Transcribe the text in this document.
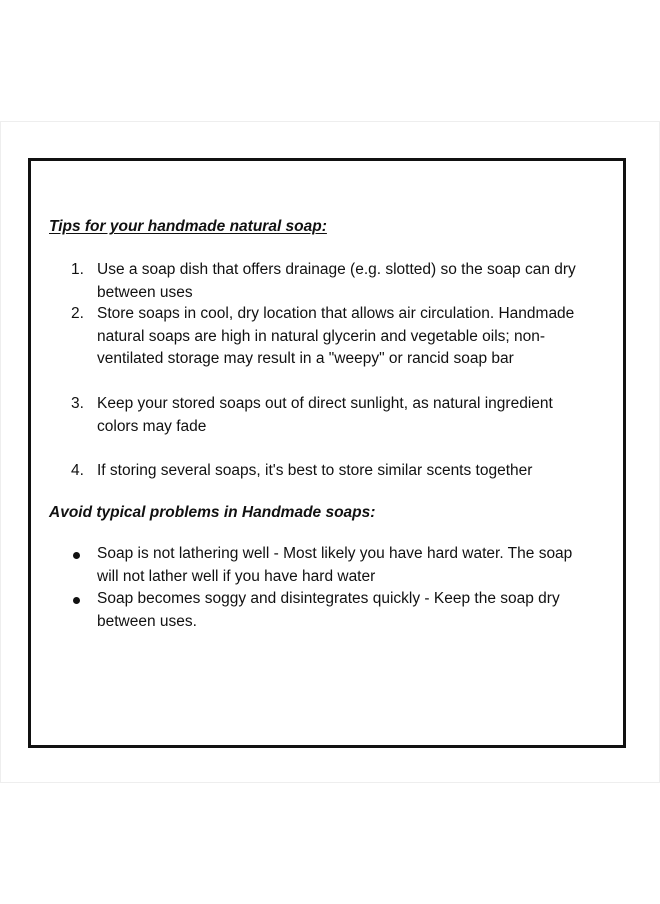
Tips for your handmade natural soap:
1. Use a soap dish that offers drainage (e.g. slotted) so the soap can dry between uses
2. Store soaps in cool, dry location that allows air circulation. Handmade natural soaps are high in natural glycerin and vegetable oils; non-ventilated storage may result in a "weepy" or rancid soap bar
3. Keep your stored soaps out of direct sunlight, as natural ingredient colors may fade
4. If storing several soaps, it's best to store similar scents together
Avoid typical problems in Handmade soaps:
Soap is not lathering well - Most likely you have hard water. The soap will not lather well if you have hard water
Soap becomes soggy and disintegrates quickly - Keep the soap dry between uses.
